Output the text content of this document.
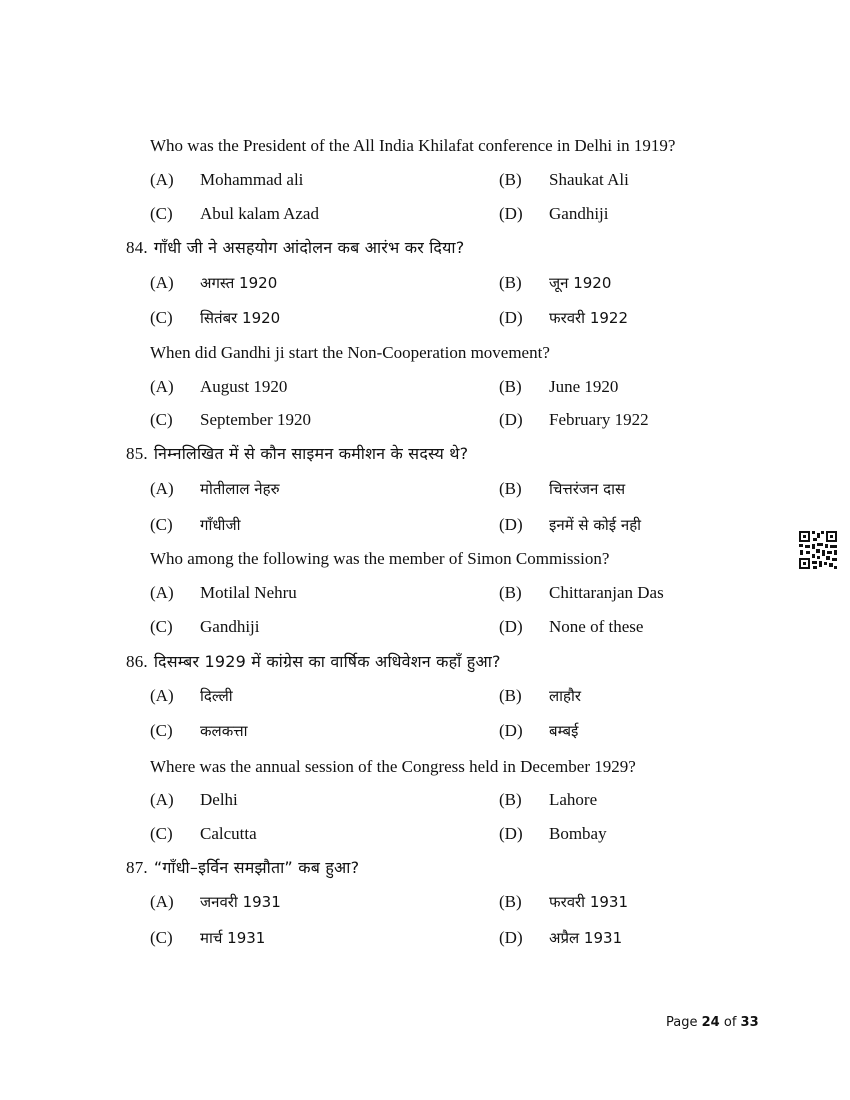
Who was the President of the All India Khilafat conference in Delhi in 1919?
(A) Mohammad ali	(B) Shaukat Ali
(C) Abul kalam Azad	(D) Gandhiji
84. गाँधी जी ने असहयोग आंदोलन कब आरंभ कर दिया?
(A) अगस्त 1920	(B) जून 1920
(C) सितंबर 1920	(D) फरवरी 1922
When did Gandhi ji start the Non-Cooperation movement?
(A) August 1920	(B) June 1920
(C) September 1920	(D) February 1922
85. निम्नलिखित में से कौन साइमन कमीशन के सदस्य थे?
(A) मोतीलाल नेहरु	(B) चित्तरंजन दास
(C) गाँधीजी	(D) इनमें से कोई नही
Who among the following was the member of Simon Commission?
(A) Motilal Nehru	(B) Chittaranjan Das
(C) Gandhiji	(D) None of these
86. दिसम्बर 1929 में कांग्रेस का वार्षिक अधिवेशन कहाँ हुआ?
(A) दिल्ली	(B) लाहौर
(C) कलकत्ता	(D) बम्बई
Where was the annual session of the Congress held in December 1929?
(A) Delhi	(B) Lahore
(C) Calcutta	(D) Bombay
87. “गाँधी–इर्विन समझौता” कब हुआ?
(A) जनवरी 1931	(B) फरवरी 1931
(C) मार्च 1931	(D) अप्रैल 1931
Page 24 of 33
